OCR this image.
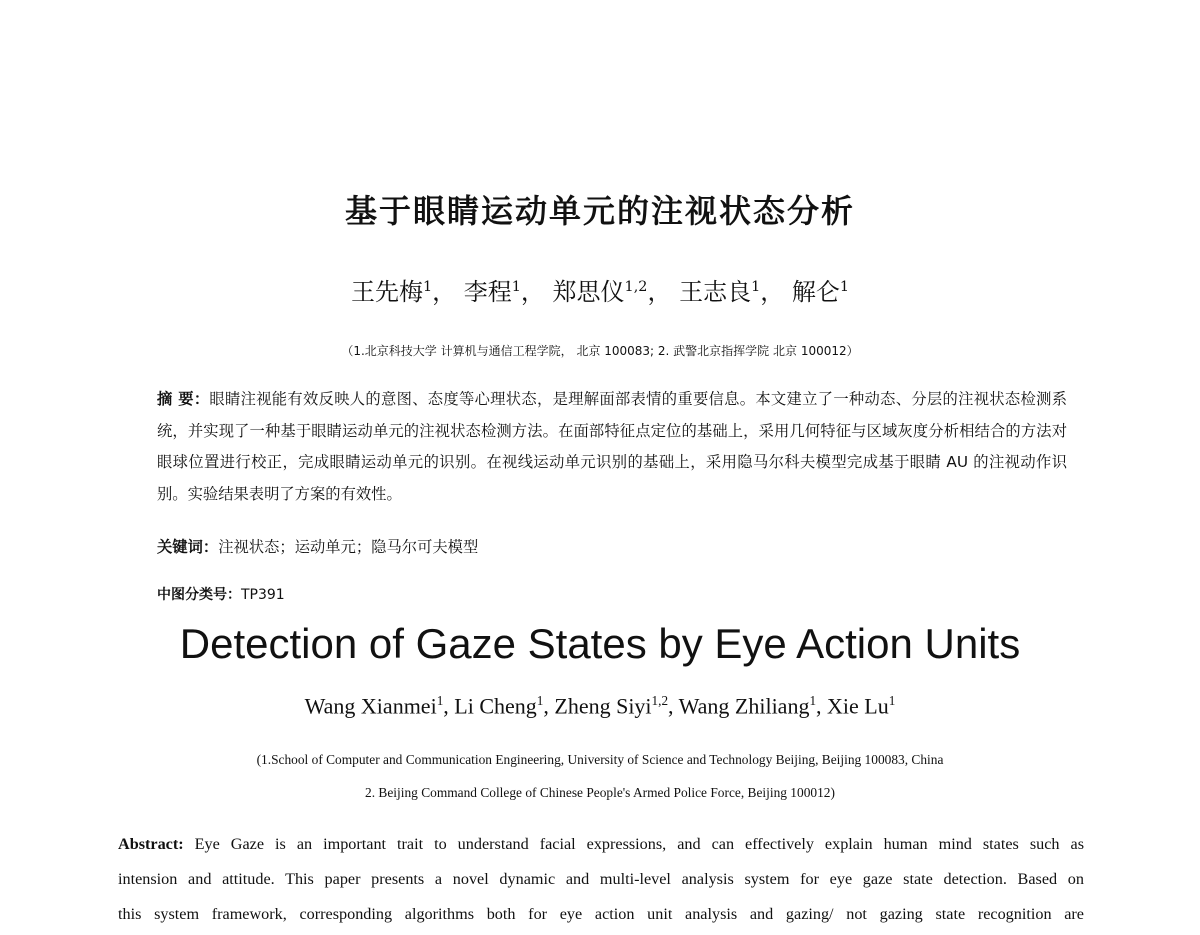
基于眼睛运动单元的注视状态分析
王先梅$^1$， 李程$^1$， 郑思仪$^{1,2}$， 王志良$^1$， 解仑$^1$
（1.北京科技大学 计算机与通信工程学院， 北京 100083; 2. 武警北京指挥学院 北京 100012）
摘 要：眼睛注视能有效反映人的意图、态度等心理状态，是理解面部表情的重要信息。本文建立了一种动态、分层的注视状态检测系统，并实现了一种基于眼睛运动单元的注视状态检测方法。在面部特征点定位的基础上，采用几何特征与区域灰度分析相结合的方法对眼球位置进行校正，完成眼睛运动单元的识别。在视线运动单元识别的基础上，采用隐马尔科夫模型完成基于眼睛 AU 的注视动作识别。实验结果表明了方案的有效性。
关键词：注视状态；运动单元；隐马尔可夫模型
中图分类号：TP391
Detection of Gaze States by Eye Action Units
Wang Xianmei$^1$, Li Cheng$^1$, Zheng Siyi$^{1,2}$, Wang Zhiliang$^1$, Xie Lu$^1$
(1.School of Computer and Communication Engineering, University of Science and Technology Beijing, Beijing 100083, China
2. Beijing Command College of Chinese People's Armed Police Force, Beijing 100012)
Abstract: Eye Gaze is an important trait to understand facial expressions, and can effectively explain human mind states such as
intension and attitude. This paper presents a novel dynamic and multi-level analysis system for eye gaze state detection. Based on
this system framework, corresponding algorithms both for eye action unit analysis and gazing/ not gazing state recognition are
